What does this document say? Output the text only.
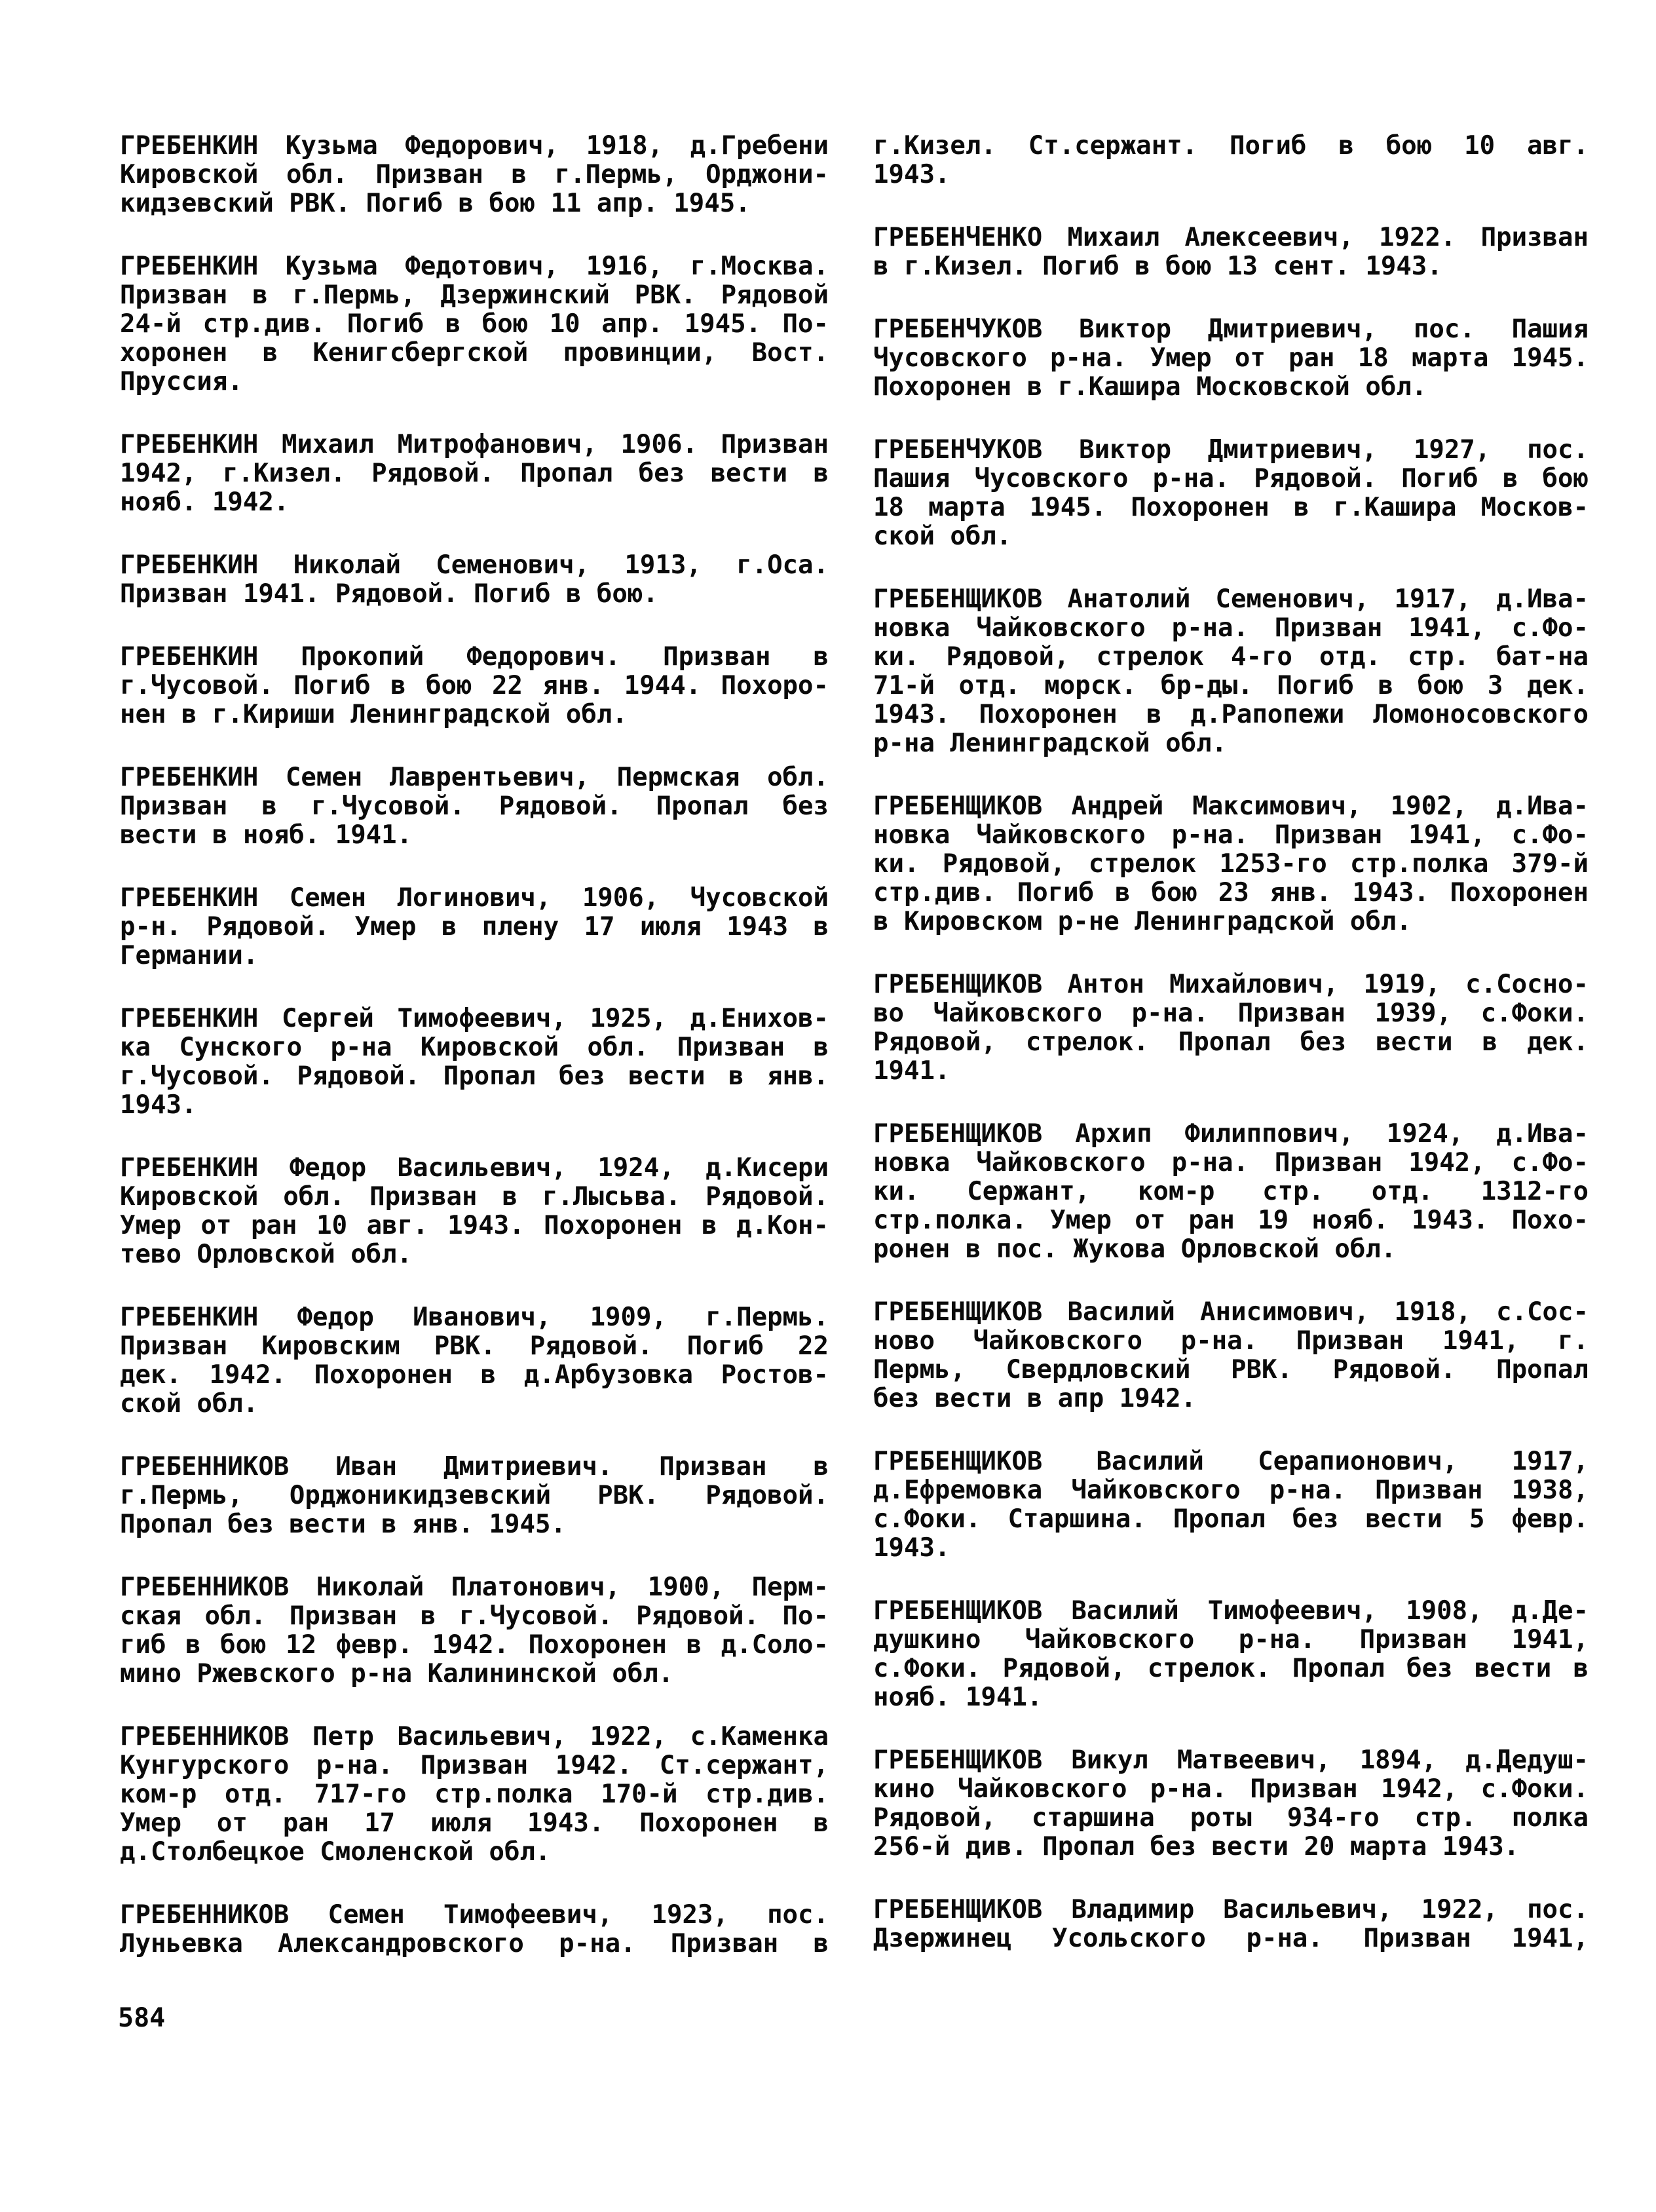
ГРЕБЕНКИН Кузьма Федорович, 1918, д.Гребени
Кировской обл. Призван в г.Пермь, Орджони-
кидзевский РВК. Погиб в бою 11 апр. 1945.

ГРЕБЕНКИН Кузьма Федотович, 1916, г.Москва.
Призван в г.Пермь, Дзержинский РВК. Рядовой
24-й стр.див. Погиб в бою 10 апр. 1945. По-
хоронен в Кенигсбергской провинции, Вост.
Пруссия.

ГРЕБЕНКИН Михаил Митрофанович, 1906. Призван
1942, г.Кизел. Рядовой. Пропал без вести в
нояб. 1942.

ГРЕБЕНКИН Николай Семенович, 1913, г.Оса.
Призван 1941. Рядовой. Погиб в бою.

ГРЕБЕНКИН Прокопий Федорович. Призван в
г.Чусовой. Погиб в бою 22 янв. 1944. Похоро-
нен в г.Кириши Ленинградской обл.

ГРЕБЕНКИН Семен Лаврентьевич, Пермская обл.
Призван в г.Чусовой. Рядовой. Пропал без
вести в нояб. 1941.

ГРЕБЕНКИН Семен Логинович, 1906, Чусовской
р-н. Рядовой. Умер в плену 17 июля 1943 в
Германии.

ГРЕБЕНКИН Сергей Тимофеевич, 1925, д.Енихов-
ка Сунского р-на Кировской обл. Призван в
г.Чусовой. Рядовой. Пропал без вести в янв.
1943.

ГРЕБЕНКИН Федор Васильевич, 1924, д.Кисери
Кировской обл. Призван в г.Лысьва. Рядовой.
Умер от ран 10 авг. 1943. Похоронен в д.Кон-
тево Орловской обл.

ГРЕБЕНКИН Федор Иванович, 1909, г.Пермь.
Призван Кировским РВК. Рядовой. Погиб 22
дек. 1942. Похоронен в д.Арбузовка Ростов-
ской обл.

ГРЕБЕННИКОВ Иван Дмитриевич. Призван в
г.Пермь, Орджоникидзевский РВК. Рядовой.
Пропал без вести в янв. 1945.

ГРЕБЕННИКОВ Николай Платонович, 1900, Перм-
ская обл. Призван в г.Чусовой. Рядовой. По-
гиб в бою 12 февр. 1942. Похоронен в д.Соло-
мино Ржевского р-на Калининской обл.

ГРЕБЕННИКОВ Петр Васильевич, 1922, с.Каменка
Кунгурского р-на. Призван 1942. Ст.сержант,
ком-р отд. 717-го стр.полка 170-й стр.див.
Умер от ран 17 июля 1943. Похоронен в
д.Столбецкое Смоленской обл.

ГРЕБЕННИКОВ Семен Тимофеевич, 1923, пос.
Луньевка Александровского р-на. Призван в

г.Кизел. Ст.сержант. Погиб в бою 10 авг.
1943.

ГРЕБЕНЧЕНКО Михаил Алексеевич, 1922. Призван
в г.Кизел. Погиб в бою 13 сент. 1943.

ГРЕБЕНЧУКОВ Виктор Дмитриевич, пос. Пашия
Чусовского р-на. Умер от ран 18 марта 1945.
Похоронен в г.Кашира Московской обл.

ГРЕБЕНЧУКОВ Виктор Дмитриевич, 1927, пос.
Пашия Чусовского р-на. Рядовой. Погиб в бою
18 марта 1945. Похоронен в г.Кашира Москов-
ской обл.

ГРЕБЕНЩИКОВ Анатолий Семенович, 1917, д.Ива-
новка Чайковского р-на. Призван 1941, с.Фо-
ки. Рядовой, стрелок 4-го отд. стр. бат-на
71-й отд. морск. бр-ды. Погиб в бою 3 дек.
1943. Похоронен в д.Рапопежи Ломоносовского
р-на Ленинградской обл.

ГРЕБЕНЩИКОВ Андрей Максимович, 1902, д.Ива-
новка Чайковского р-на. Призван 1941, с.Фо-
ки. Рядовой, стрелок 1253-го стр.полка 379-й
стр.див. Погиб в бою 23 янв. 1943. Похоронен
в Кировском р-не Ленинградской обл.

ГРЕБЕНЩИКОВ Антон Михайлович, 1919, с.Сосно-
во Чайковского р-на. Призван 1939, с.Фоки.
Рядовой, стрелок. Пропал без вести в дек.
1941.

ГРЕБЕНЩИКОВ Архип Филиппович, 1924, д.Ива-
новка Чайковского р-на. Призван 1942, с.Фо-
ки. Сержант, ком-р стр. отд. 1312-го
стр.полка. Умер от ран 19 нояб. 1943. Похо-
ронен в пос. Жукова Орловской обл.

ГРЕБЕНЩИКОВ Василий Анисимович, 1918, с.Сос-
ново Чайковского р-на. Призван 1941, г.
Пермь, Свердловский РВК. Рядовой. Пропал
без вести в апр 1942.

ГРЕБЕНЩИКОВ Василий Серапионович, 1917,
д.Ефремовка Чайковского р-на. Призван 1938,
с.Фоки. Старшина. Пропал без вести 5 февр.
1943.

ГРЕБЕНЩИКОВ Василий Тимофеевич, 1908, д.Де-
душкино Чайковского р-на. Призван 1941,
с.Фоки. Рядовой, стрелок. Пропал без вести в
нояб. 1941.

ГРЕБЕНЩИКОВ Викул Матвеевич, 1894, д.Дедуш-
кино Чайковского р-на. Призван 1942, с.Фоки.
Рядовой, старшина роты 934-го стр. полка
256-й див. Пропал без вести 20 марта 1943.

ГРЕБЕНЩИКОВ Владимир Васильевич, 1922, пос.
Дзержинец Усольского р-на. Призван 1941,

584
